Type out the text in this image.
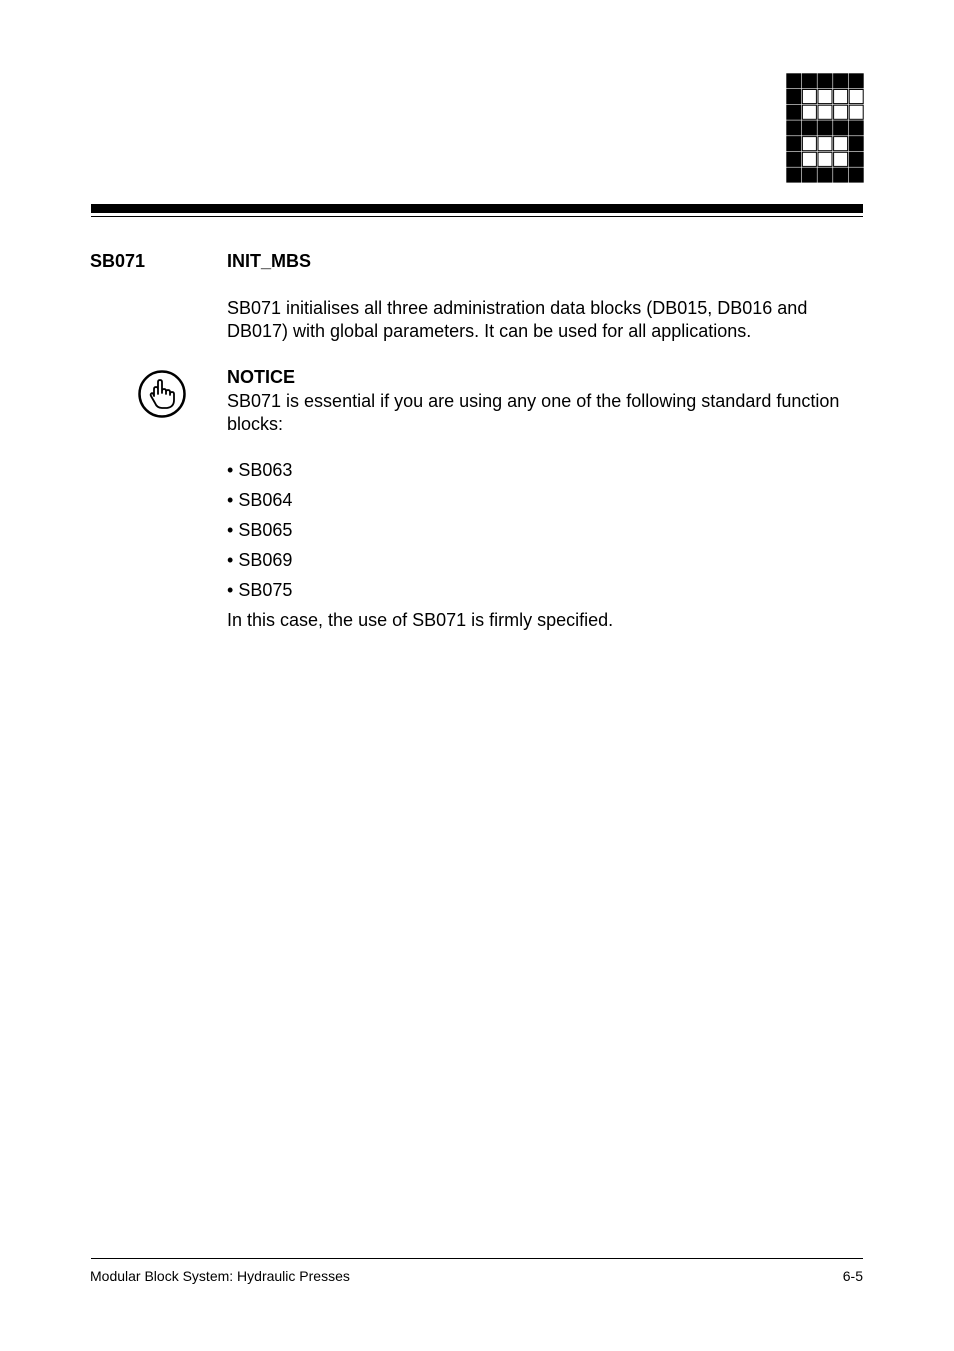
SB071	INIT_MBS
SB071 initialises all three administration data blocks (DB015, DB016 and DB017) with global parameters. It can be used for all applications.
NOTICE
SB071 is essential if you are using any one of the following standard function blocks:
• SB063
• SB064
• SB065
• SB069
• SB075
In this case, the use of SB071 is firmly specified.
Modular Block System: Hydraulic Presses	6-5
